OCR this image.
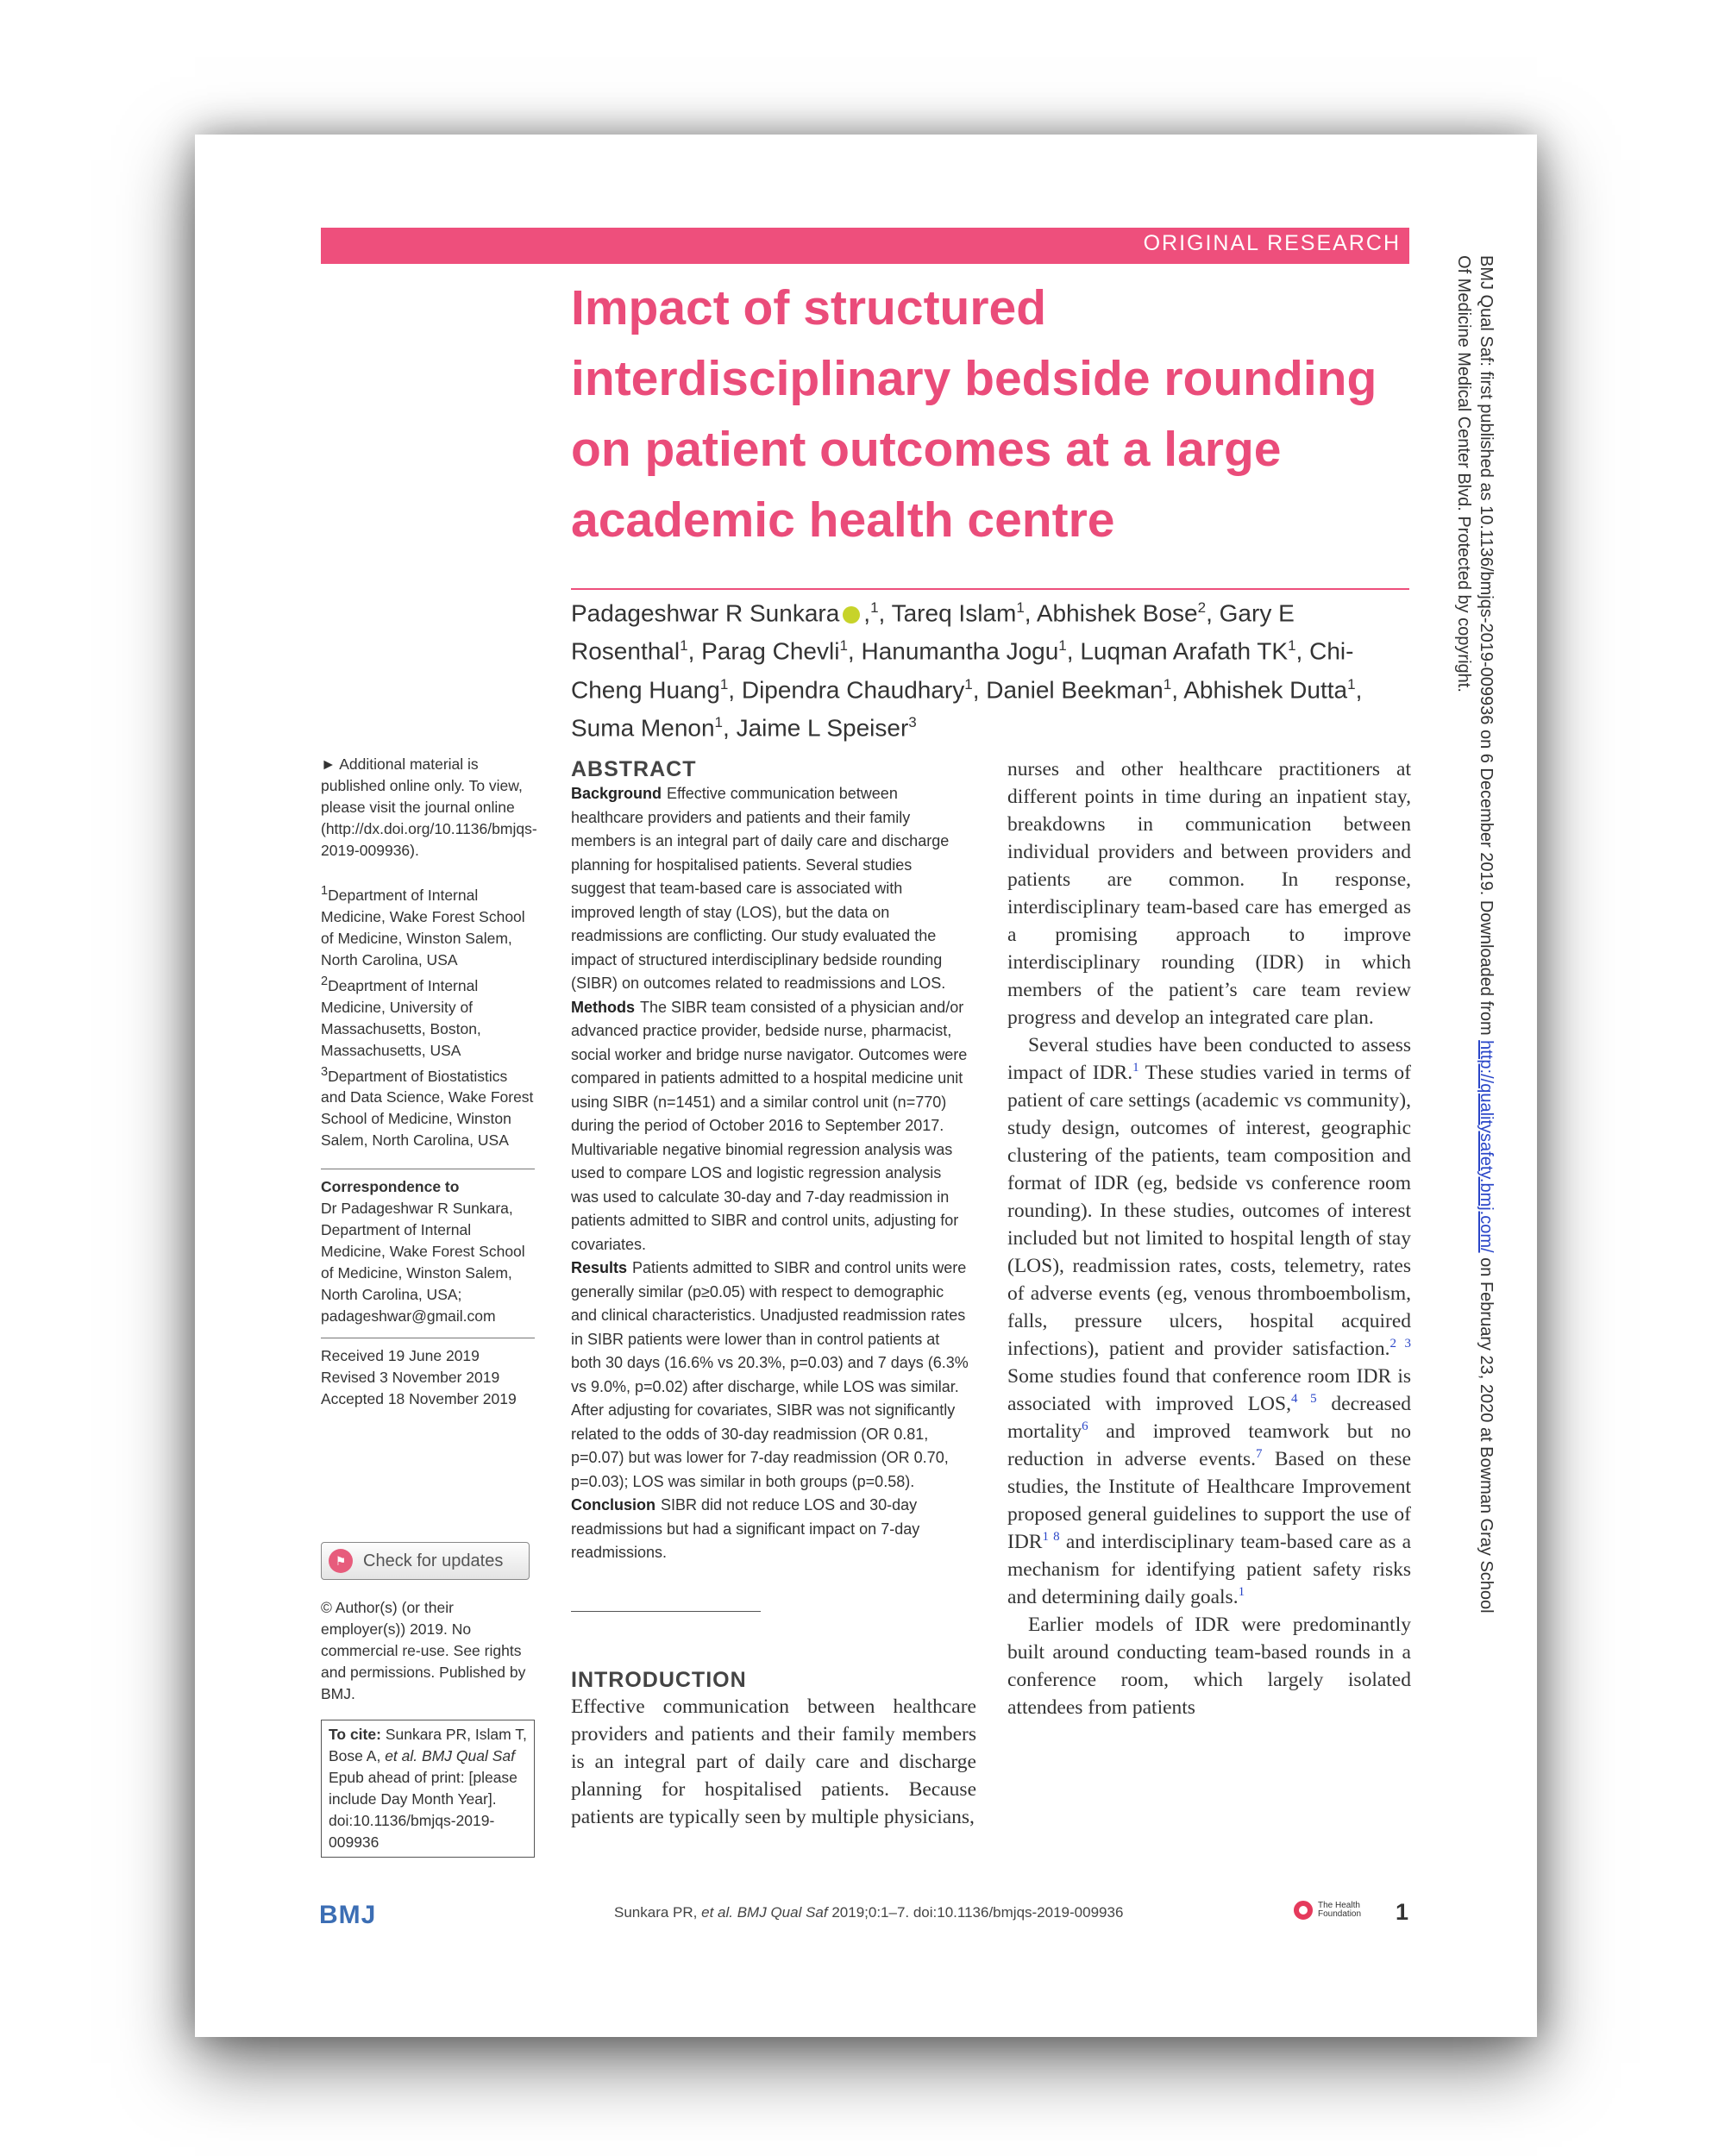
ORIGINAL RESEARCH
Impact of structured interdisciplinary bedside rounding on patient outcomes at a large academic health centre
Padageshwar R Sunkara ,$^1$, Tareq Islam$^1$, Abhishek Bose$^2$, Gary E Rosenthal$^1$, Parag Chevli$^1$, Hanumantha Jogu$^1$, Luqman Arafath $TK^1$, Chi-Cheng Huang$^1$, Dipendra Chaudhary$^1$, Daniel Beekman$^1$, Abhishek Dutta$^1$, Suma Menon$^1$, Jaime L Speiser$^3$

► Additional material is published online only. To view, please visit the journal online (http://dx.doi.org/10.1136/bmjqs-2019-009936).

$^1$Department of Internal Medicine, Wake Forest School of Medicine, Winston Salem, North Carolina, USA

$^2$Deaprtment of Internal Medicine, University of Massachusetts, Boston, Massachusetts, USA

$^3$Department of Biostatistics and Data Science, Wake Forest School of Medicine, Winston Salem, North Carolina, USA

Correspondence to

Dr Padageshwar R Sunkara, Department of Internal Medicine, Wake Forest School of Medicine, Winston Salem, North Carolina, USA; padageshwar@gmail.com

Received 19 June 2019
Revised 3 November 2019
Accepted 18 November 2019
⚑ Check for updates
© Author(s) (or their employer(s)) 2019. No commercial re-use. See rights and permissions. Published by BMJ.
To cite: Sunkara PR, Islam T, Bose A, et al. BMJ Qual Saf Epub ahead of print: [please include Day Month Year]. doi:10.1136/bmjqs-2019-009936
ABSTRACT

Background Effective communication between healthcare providers and patients and their family members is an integral part of daily care and discharge planning for hospitalised patients. Several studies suggest that team-based care is associated with improved length of stay (LOS), but the data on readmissions are conflicting. Our study evaluated the impact of structured interdisciplinary bedside rounding (SIBR) on outcomes related to readmissions and LOS.

Methods The SIBR team consisted of a physician and/or advanced practice provider, bedside nurse, pharmacist, social worker and bridge nurse navigator. Outcomes were compared in patients admitted to a hospital medicine unit using SIBR (n=1451) and a similar control unit (n=770) during the period of October 2016 to September 2017. Multivariable negative binomial regression analysis was used to compare LOS and logistic regression analysis was used to calculate 30-day and 7-day readmission in patients admitted to SIBR and control units, adjusting for covariates.

Results Patients admitted to SIBR and control units were generally similar (p≥0.05) with respect to demographic and clinical characteristics. Unadjusted readmission rates in SIBR patients were lower than in control patients at both 30 days (16.6% vs 20.3%, p=0.03) and 7 days (6.3% vs 9.0%, p=0.02) after discharge, while LOS was similar. After adjusting for covariates, SIBR was not significantly related to the odds of 30-day readmission (OR 0.81, p=0.07) but was lower for 7-day readmission (OR 0.70, p=0.03); LOS was similar in both groups (p=0.58).

Conclusion SIBR did not reduce LOS and 30-day readmissions but had a significant impact on 7-day readmissions.

INTRODUCTION

Effective communication between healthcare providers and patients and their family members is an integral part of daily care and discharge planning for hospitalised patients. Because patients are typically seen by multiple physicians,

nurses and other healthcare practitioners at different points in time during an inpatient stay, breakdowns in communication between individual providers and between providers and patients are common. In response, interdisciplinary team-based care has emerged as a promising approach to improve interdisciplinary rounding (IDR) in which members of the patient’s care team review progress and develop an integrated care plan.

Several studies have been conducted to assess impact of IDR.$^1$ These studies varied in terms of patient of care settings (academic vs community), study design, outcomes of interest, geographic clustering of the patients, team composition and format of IDR (eg, bedside vs conference room rounding). In these studies, outcomes of interest included but not limited to hospital length of stay (LOS), readmission rates, costs, telemetry, rates of adverse events (eg, venous thromboembolism, falls, pressure ulcers, hospital acquired infections), patient and provider satisfaction.$^{2 3}$ Some studies found that conference room IDR is associated with improved LOS,$^{4 5}$ decreased mortality$^6$ and improved teamwork but no reduction in adverse events.$^7$ Based on these studies, the Institute of Healthcare Improvement proposed general guidelines to support the use of IDR$^{1 8}$ and interdisciplinary team-based care as a mechanism for identifying patient safety risks and determining daily goals.$^1$

Earlier models of IDR were predominantly built around conducting team-based rounds in a conference room, which largely isolated attendees from patients

BMJ	Sunkara PR, et al. BMJ Qual Saf 2019;0:1–7. doi:10.1136/bmjqs-2019-009936	The Health Foundation	1
BMJ Qual Saf: first published as 10.1136/bmjqs-2019-009936 on 6 December 2019. Downloaded from http://qualitysafety.bmj.com/ on February 23, 2020 at Bowman Gray School Of Medicine Medical Center Blvd. Protected by copyright.
